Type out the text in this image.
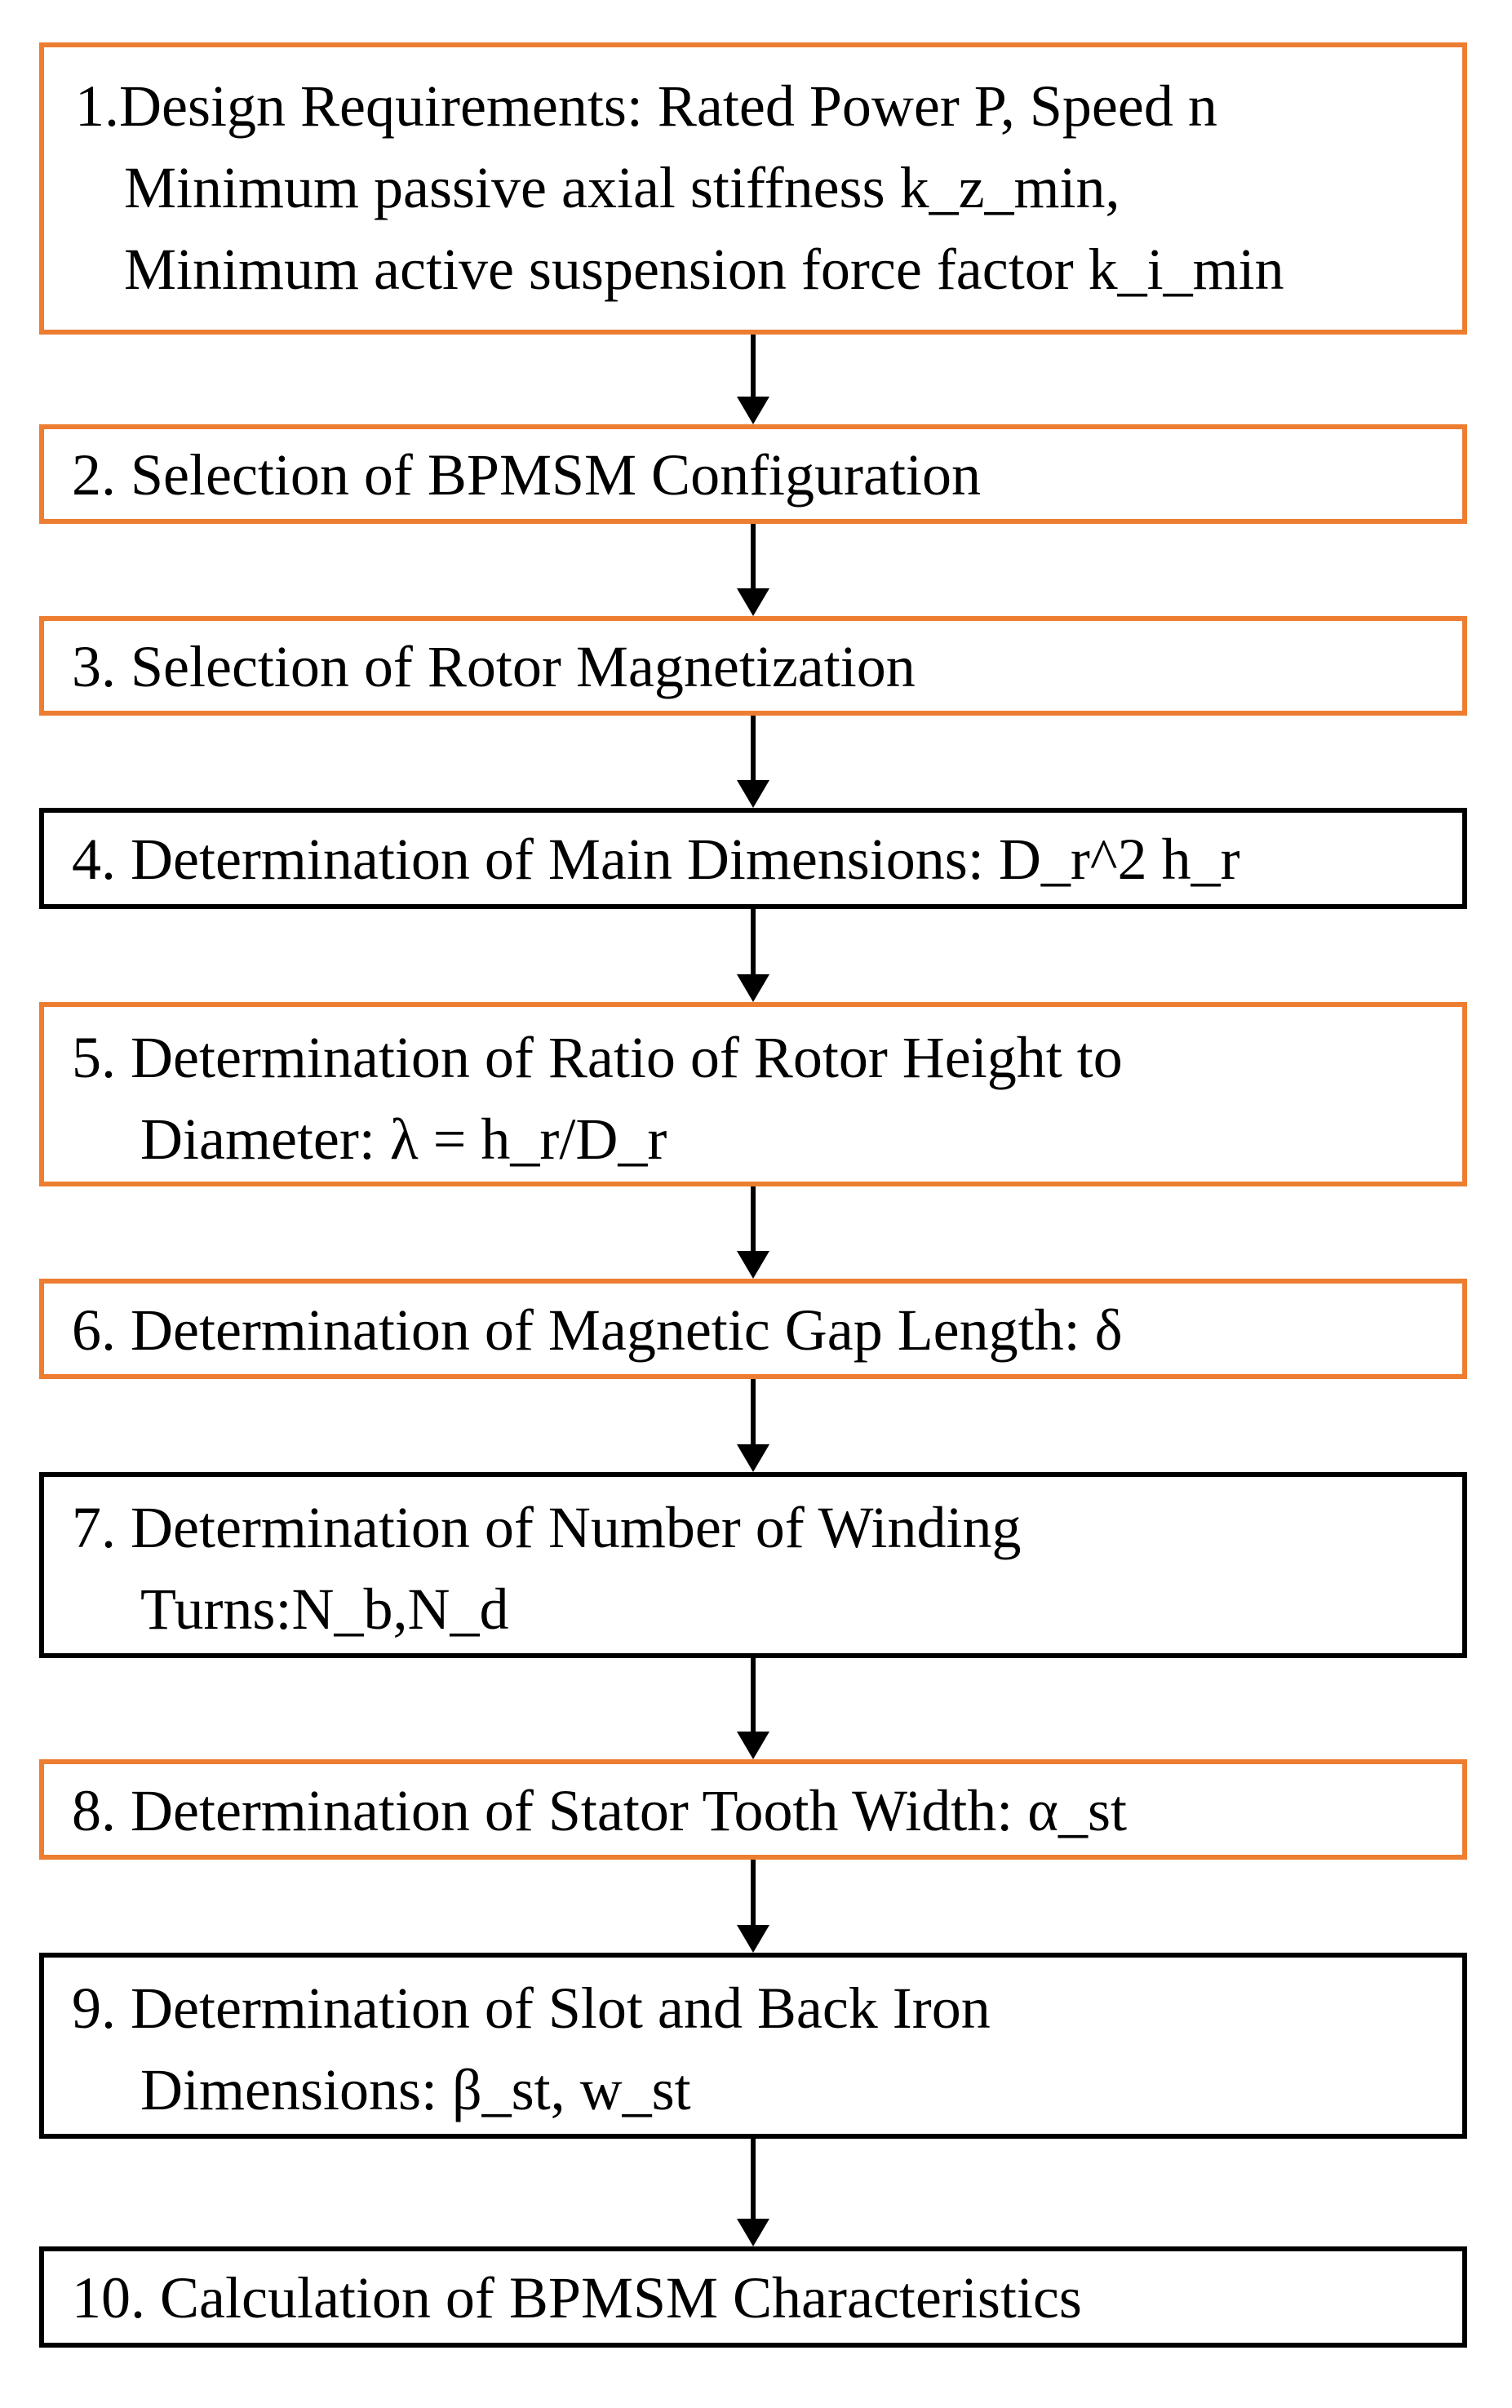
1.Design Requirements: Rated Power P, Speed n
Minimum passive axial stiffness k_z_min,
Minimum active suspension force factor k_i_min
2. Selection of BPMSM Configuration
3. Selection of Rotor Magnetization
4. Determination of Main Dimensions: D_r^2 h_r
5. Determination of Ratio of Rotor Height to
Diameter: λ = h_r/D_r
6. Determination of Magnetic Gap Length: δ
7. Determination of Number of Winding
Turns:N_b,N_d
8. Determination of Stator Tooth Width: α_st
9. Determination of Slot and Back Iron
Dimensions: β_st, w_st
10. Calculation of BPMSM Characteristics
